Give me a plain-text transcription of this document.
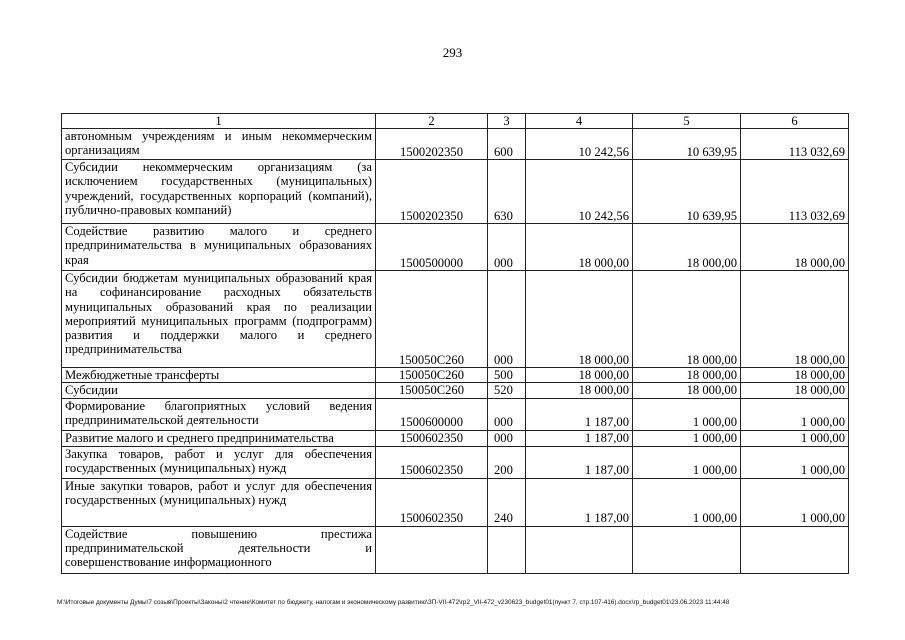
293
1	2	3	4	5	6
автономным учреждениям и иным некоммерческим организациям	1500202350	600	10 242,56	10 639,95	113 032,69
Субсидии некоммерческим организациям (за исключением государственных (муниципальных) учреждений, государственных корпораций (компаний), публично-правовых компаний)	1500202350	630	10 242,56	10 639,95	113 032,69
Содействие развитию малого и среднего предпринимательства в муниципальных образованиях края	1500500000	000	18 000,00	18 000,00	18 000,00
Субсидии бюджетам муниципальных образований края на софинансирование расходных обязательств муниципальных образований края по реализации мероприятий муниципальных программ (подпрограмм) развития и поддержки малого и среднего предпринимательства	150050С260	000	18 000,00	18 000,00	18 000,00
Межбюджетные трансферты	150050С260	500	18 000,00	18 000,00	18 000,00
Субсидии	150050С260	520	18 000,00	18 000,00	18 000,00
Формирование благоприятных условий ведения предпринимательской деятельности	1500600000	000	1 187,00	1 000,00	1 000,00
Развитие малого и среднего предпринимательства	1500602350	000	1 187,00	1 000,00	1 000,00
Закупка товаров, работ и услуг для обеспечения государственных (муниципальных) нужд	1500602350	200	1 187,00	1 000,00	1 000,00
Иные закупки товаров, работ и услуг для обеспечения государственных (муниципальных) нужд	1500602350	240	1 187,00	1 000,00	1 000,00
Содействие повышению престижа предпринимательской деятельности и совершенствование информационного					
M:\Итоговые документы Думы\7 созыв\Проекты\Законы\2 чтение\Комитет по бюджету, налогам и экономическому развитию\ЗП-VII-472\rp2_VII-472_v230623_budget01(пункт 7, стр.107-416).docx\rp_budget01\23.06.2023 11:44:48
